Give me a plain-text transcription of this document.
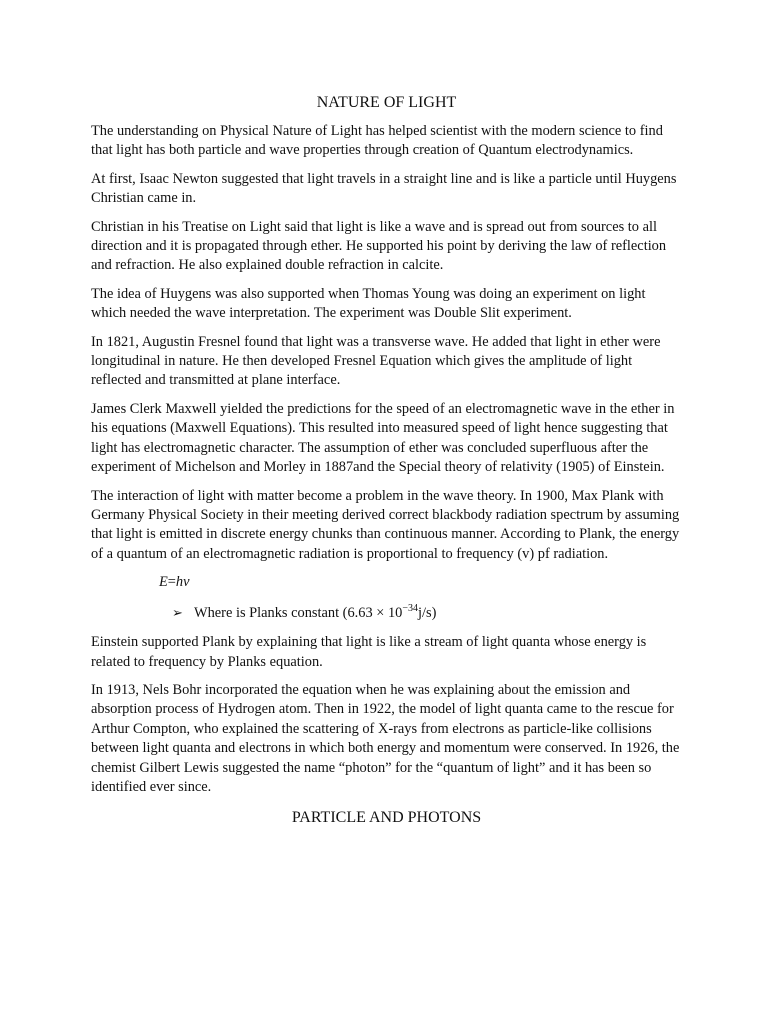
NATURE OF LIGHT

The understanding on Physical Nature of Light has helped scientist with the modern science to find that light has both particle and wave properties through creation of Quantum electrodynamics.

At first, Isaac Newton suggested that light travels in a straight line and is like a particle until Huygens Christian came in.

Christian in his Treatise on Light said that light is like a wave and is spread out from sources to all direction and it is propagated through ether. He supported his point by deriving the law of reflection and refraction. He also explained double refraction in calcite.

The idea of Huygens was also supported when Thomas Young was doing an experiment on light which needed the wave interpretation. The experiment was Double Slit experiment.

In 1821, Augustin Fresnel found that light was a transverse wave. He added that light in ether were longitudinal in nature. He then developed Fresnel Equation which gives the amplitude of light reflected and transmitted at plane interface.

James Clerk Maxwell yielded the predictions for the speed of an electromagnetic wave in the ether in his equations (Maxwell Equations). This resulted into measured speed of light hence suggesting that light has electromagnetic character. The assumption of ether was concluded superfluous after the experiment of Michelson and Morley in 1887and the Special theory of relativity (1905) of Einstein.

The interaction of light with matter become a problem in the wave theory. In 1900, Max Plank with Germany Physical Society in their meeting derived correct blackbody radiation spectrum by assuming that light is emitted in discrete energy chunks than continuous manner. According to Plank, the energy of a quantum of an electromagnetic radiation is proportional to frequency (v) pf radiation.

E=hv
➢ Where is Planks constant $(6.63 \times 10^{-34}j/s)$

Einstein supported Plank by explaining that light is like a stream of light quanta whose energy is related to frequency by Planks equation.

In 1913, Nels Bohr incorporated the equation when he was explaining about the emission and absorption process of Hydrogen atom. Then in 1922, the model of light quanta came to the rescue for Arthur Compton, who explained the scattering of X-rays from electrons as particle-like collisions between light quanta and electrons in which both energy and momentum were conserved. In 1926, the chemist Gilbert Lewis suggested the name “photon” for the “quantum of light” and it has been so identified ever since.

PARTICLE AND PHOTONS
